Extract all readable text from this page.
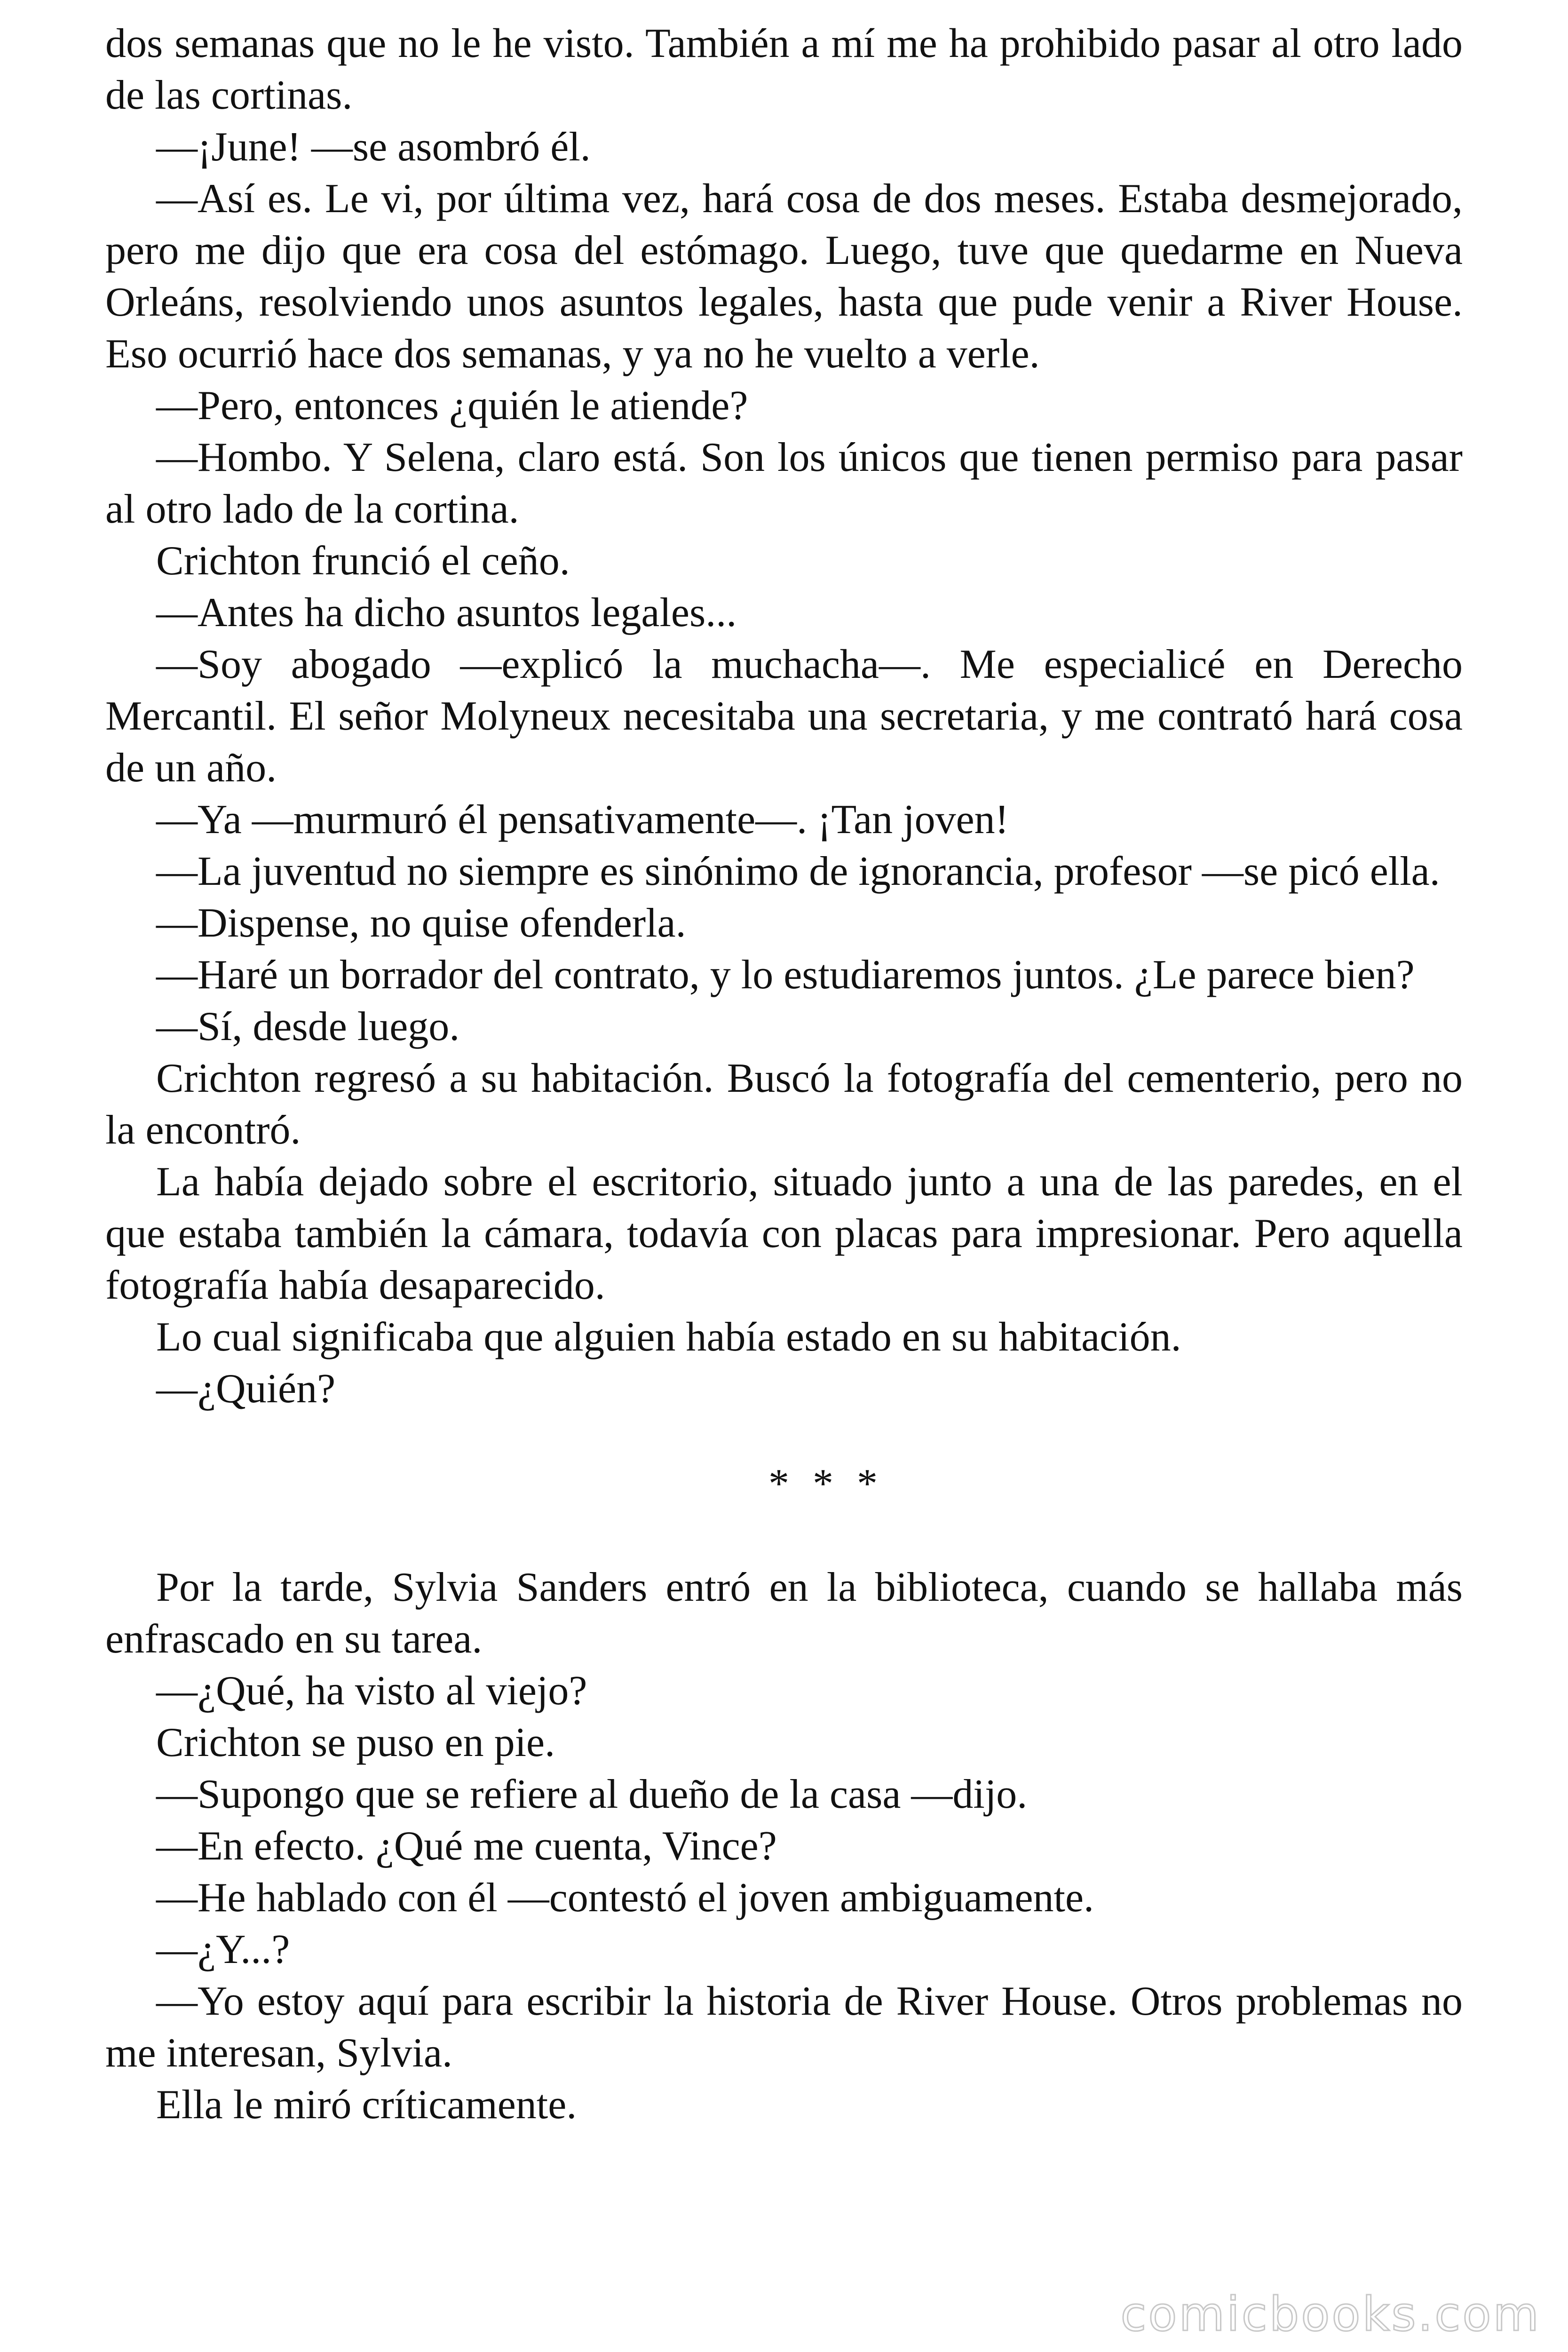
dos semanas que no le he visto. También a mí me ha prohibido pasar al otro lado de las cortinas.

—¡June! —se asombró él.

—Así es. Le vi, por última vez, hará cosa de dos meses. Estaba desmejorado, pero me dijo que era cosa del estómago. Luego, tuve que quedarme en Nueva Orleáns, resolviendo unos asuntos legales, hasta que pude venir a River House. Eso ocurrió hace dos semanas, y ya no he vuelto a verle.

—Pero, entonces ¿quién le atiende?

—Hombo. Y Selena, claro está. Son los únicos que tienen permiso para pasar al otro lado de la cortina.

Crichton frunció el ceño.

—Antes ha dicho asuntos legales...

—Soy abogado —explicó la muchacha—. Me especialicé en Derecho Mercantil. El señor Molyneux necesitaba una secretaria, y me contrató hará cosa de un año.

—Ya —murmuró él pensativamente—. ¡Tan joven!

—La juventud no siempre es sinónimo de ignorancia, profesor —se picó ella.

—Dispense, no quise ofenderla.

—Haré un borrador del contrato, y lo estudiaremos juntos. ¿Le parece bien?

—Sí, desde luego.

Crichton regresó a su habitación. Buscó la fotografía del cementerio, pero no la encontró.

La había dejado sobre el escritorio, situado junto a una de las paredes, en el que estaba también la cámara, todavía con placas para impresionar. Pero aquella fotografía había desaparecido.

Lo cual significaba que alguien había estado en su habitación.

—¿Quién?

* * *

Por la tarde, Sylvia Sanders entró en la biblioteca, cuando se hallaba más enfrascado en su tarea.

—¿Qué, ha visto al viejo?

Crichton se puso en pie.

—Supongo que se refiere al dueño de la casa —dijo.

—En efecto. ¿Qué me cuenta, Vince?

—He hablado con él —contestó el joven ambiguamente.

—¿Y...?

—Yo estoy aquí para escribir la historia de River House. Otros problemas no me interesan, Sylvia.

Ella le miró críticamente.

comicbooks.com
